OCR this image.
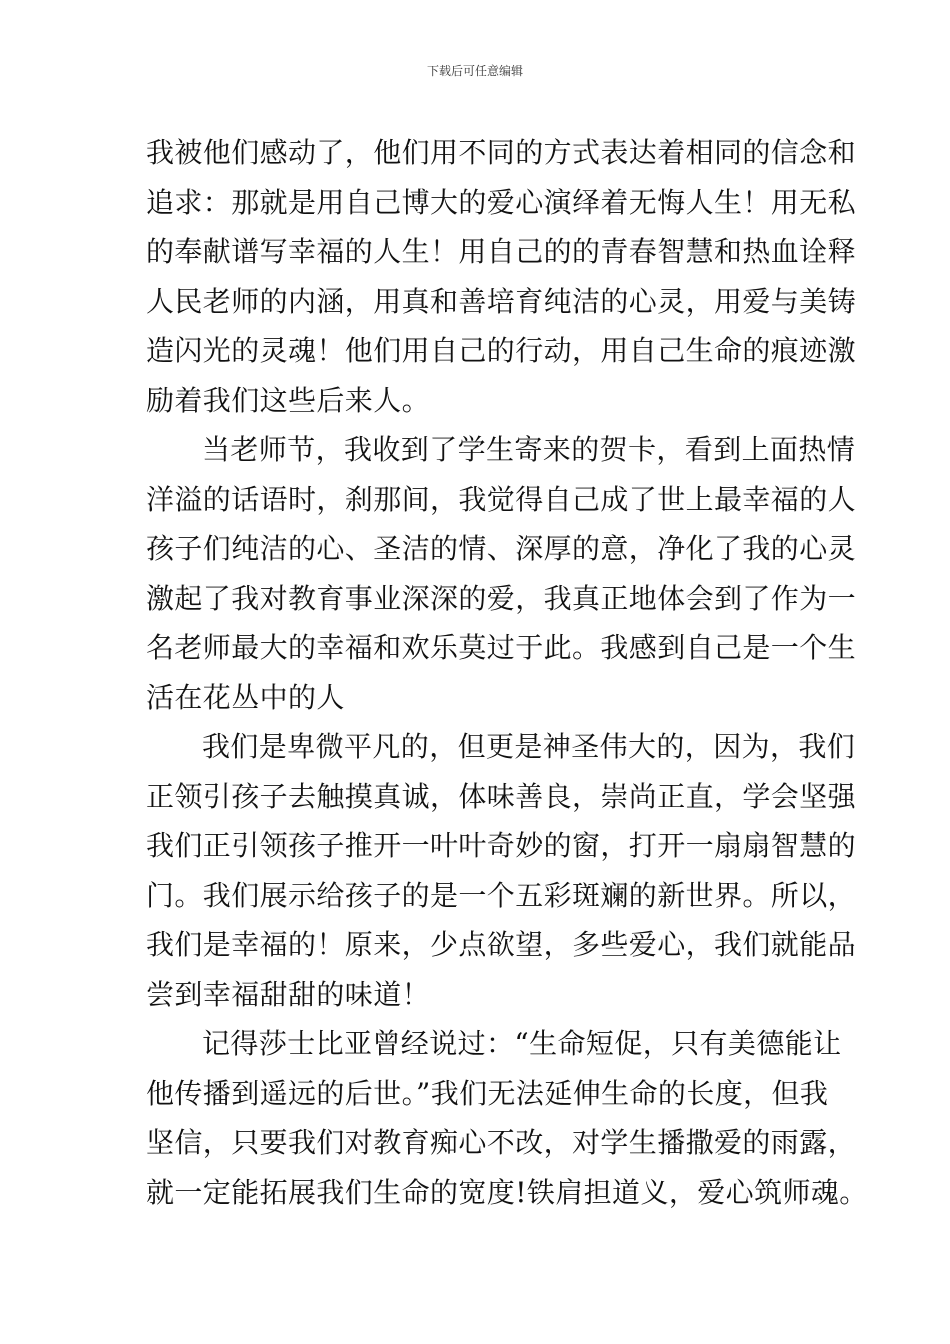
下载后可任意编辑
我被他们感动了，他们用不同的方式表达着相同的信念和
追求：那就是用自己博大的爱心演绎着无悔人生！用无私
的奉献谱写幸福的人生！用自己的的青春智慧和热血诠释
人民老师的内涵，用真和善培育纯洁的心灵，用爱与美铸
造闪光的灵魂！他们用自己的行动，用自己生命的痕迹激
励着我们这些后来人。
当老师节，我收到了学生寄来的贺卡，看到上面热情
洋溢的话语时，刹那间，我觉得自己成了世上最幸福的人
孩子们纯洁的心、圣洁的情、深厚的意，净化了我的心灵
激起了我对教育事业深深的爱，我真正地体会到了作为一
名老师最大的幸福和欢乐莫过于此。我感到自己是一个生
活在花丛中的人
我们是卑微平凡的，但更是神圣伟大的，因为，我们
正领引孩子去触摸真诚，体味善良，崇尚正直，学会坚强
我们正引领孩子推开一叶叶奇妙的窗，打开一扇扇智慧的
门。我们展示给孩子的是一个五彩斑斓的新世界。所以，
我们是幸福的！原来，少点欲望，多些爱心，我们就能品
尝到幸福甜甜的味道！
记得莎士比亚曾经说过：“生命短促，只有美德能让
他传播到遥远的后世。”我们无法延伸生命的长度，但我
坚信，只要我们对教育痴心不改，对学生播撒爱的雨露，
就一定能拓展我们生命的宽度!铁肩担道义，爱心筑师魂。
